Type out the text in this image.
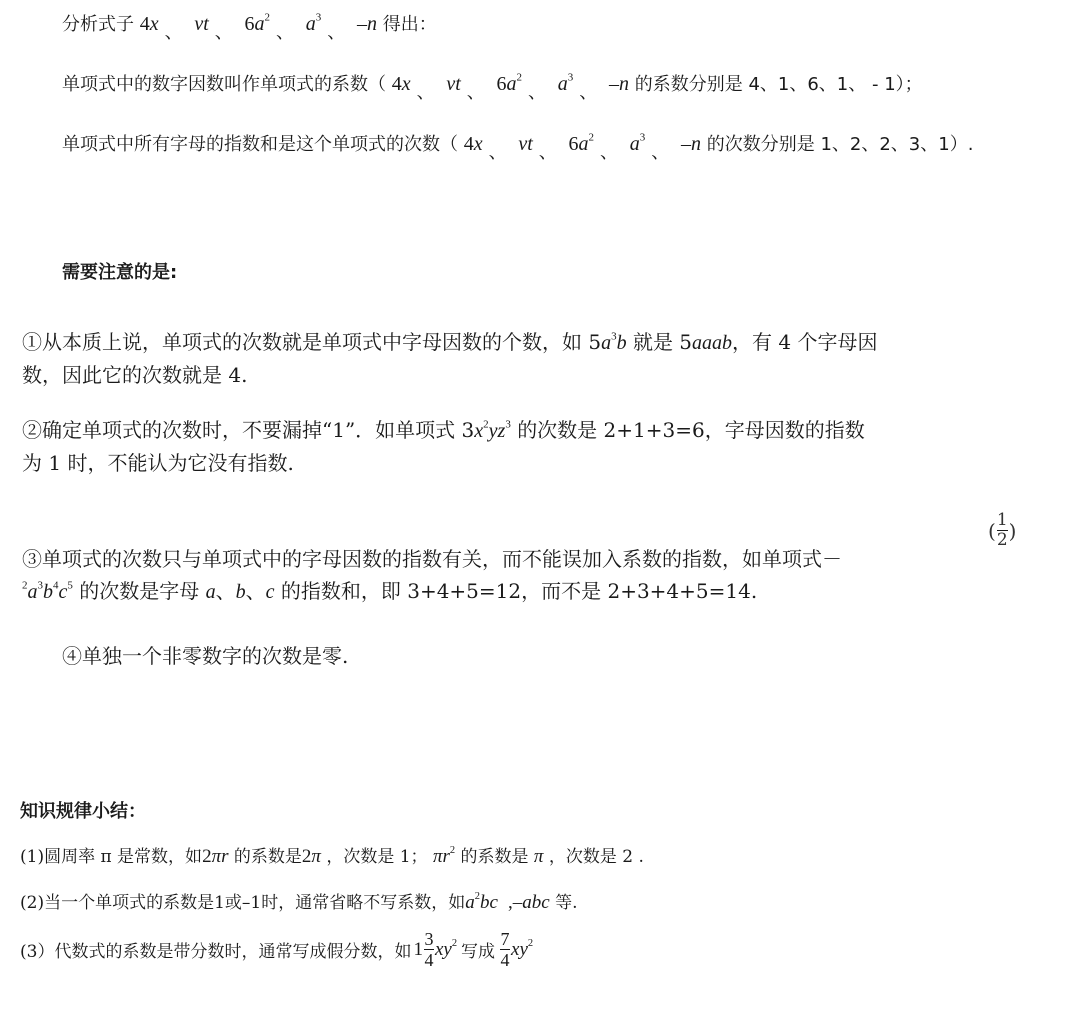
分析式子 4x 、 vt 、 $6a^2$、 $a^3$、 –n 得出：
单项式中的数字因数叫作单项式的系数（ 4x 、 vt 、 $6a^2$、 $a^3$、 –n 的系数分别是 4、1、6、1、 - 1）；
单项式中所有字母的指数和是这个单项式的次数（ 4x 、 vt 、 $6a^2$、 $a^3$、 –n 的次数分别是 1、2、2、3、1）.
需要注意的是:
①从本质上说，单项式的次数就是单项式中字母因数的个数，如 $5a^3b$ 就是 5aaab，有 4 个字母因
数，因此它的次数就是 4.
②确定单项式的次数时，不要漏掉“1”．如单项式 $3x^2yz^3$ 的次数是 2+1+3=6，字母因数的指数
为 1 时，不能认为它没有指数.
( $\frac{1}{2}$ )
③单项式的次数只与单项式中的字母因数的指数有关，而不能误加入系数的指数，如单项式－
$^2a^3b^4c^5$ 的次数是字母 a、b、c 的指数和，即 3+4+5=12，而不是 2+3+4+5=14.
④单独一个非零数字的次数是零.
知识规律小结：
(1)圆周率 π 是常数，如2πr 的系数是2π ，次数是 1； $\pi r^2$ 的系数是 π ，次数是 2 .
(2)当一个单项式的系数是1或–1时，通常省略不写系数，如$a^2bc$  ,–abc 等.
(3）代数式的系数是带分数时，通常写成假分数，如 $1 \frac{3}{4} xy^2$ 写成 $\frac{7}{4} xy^2$
